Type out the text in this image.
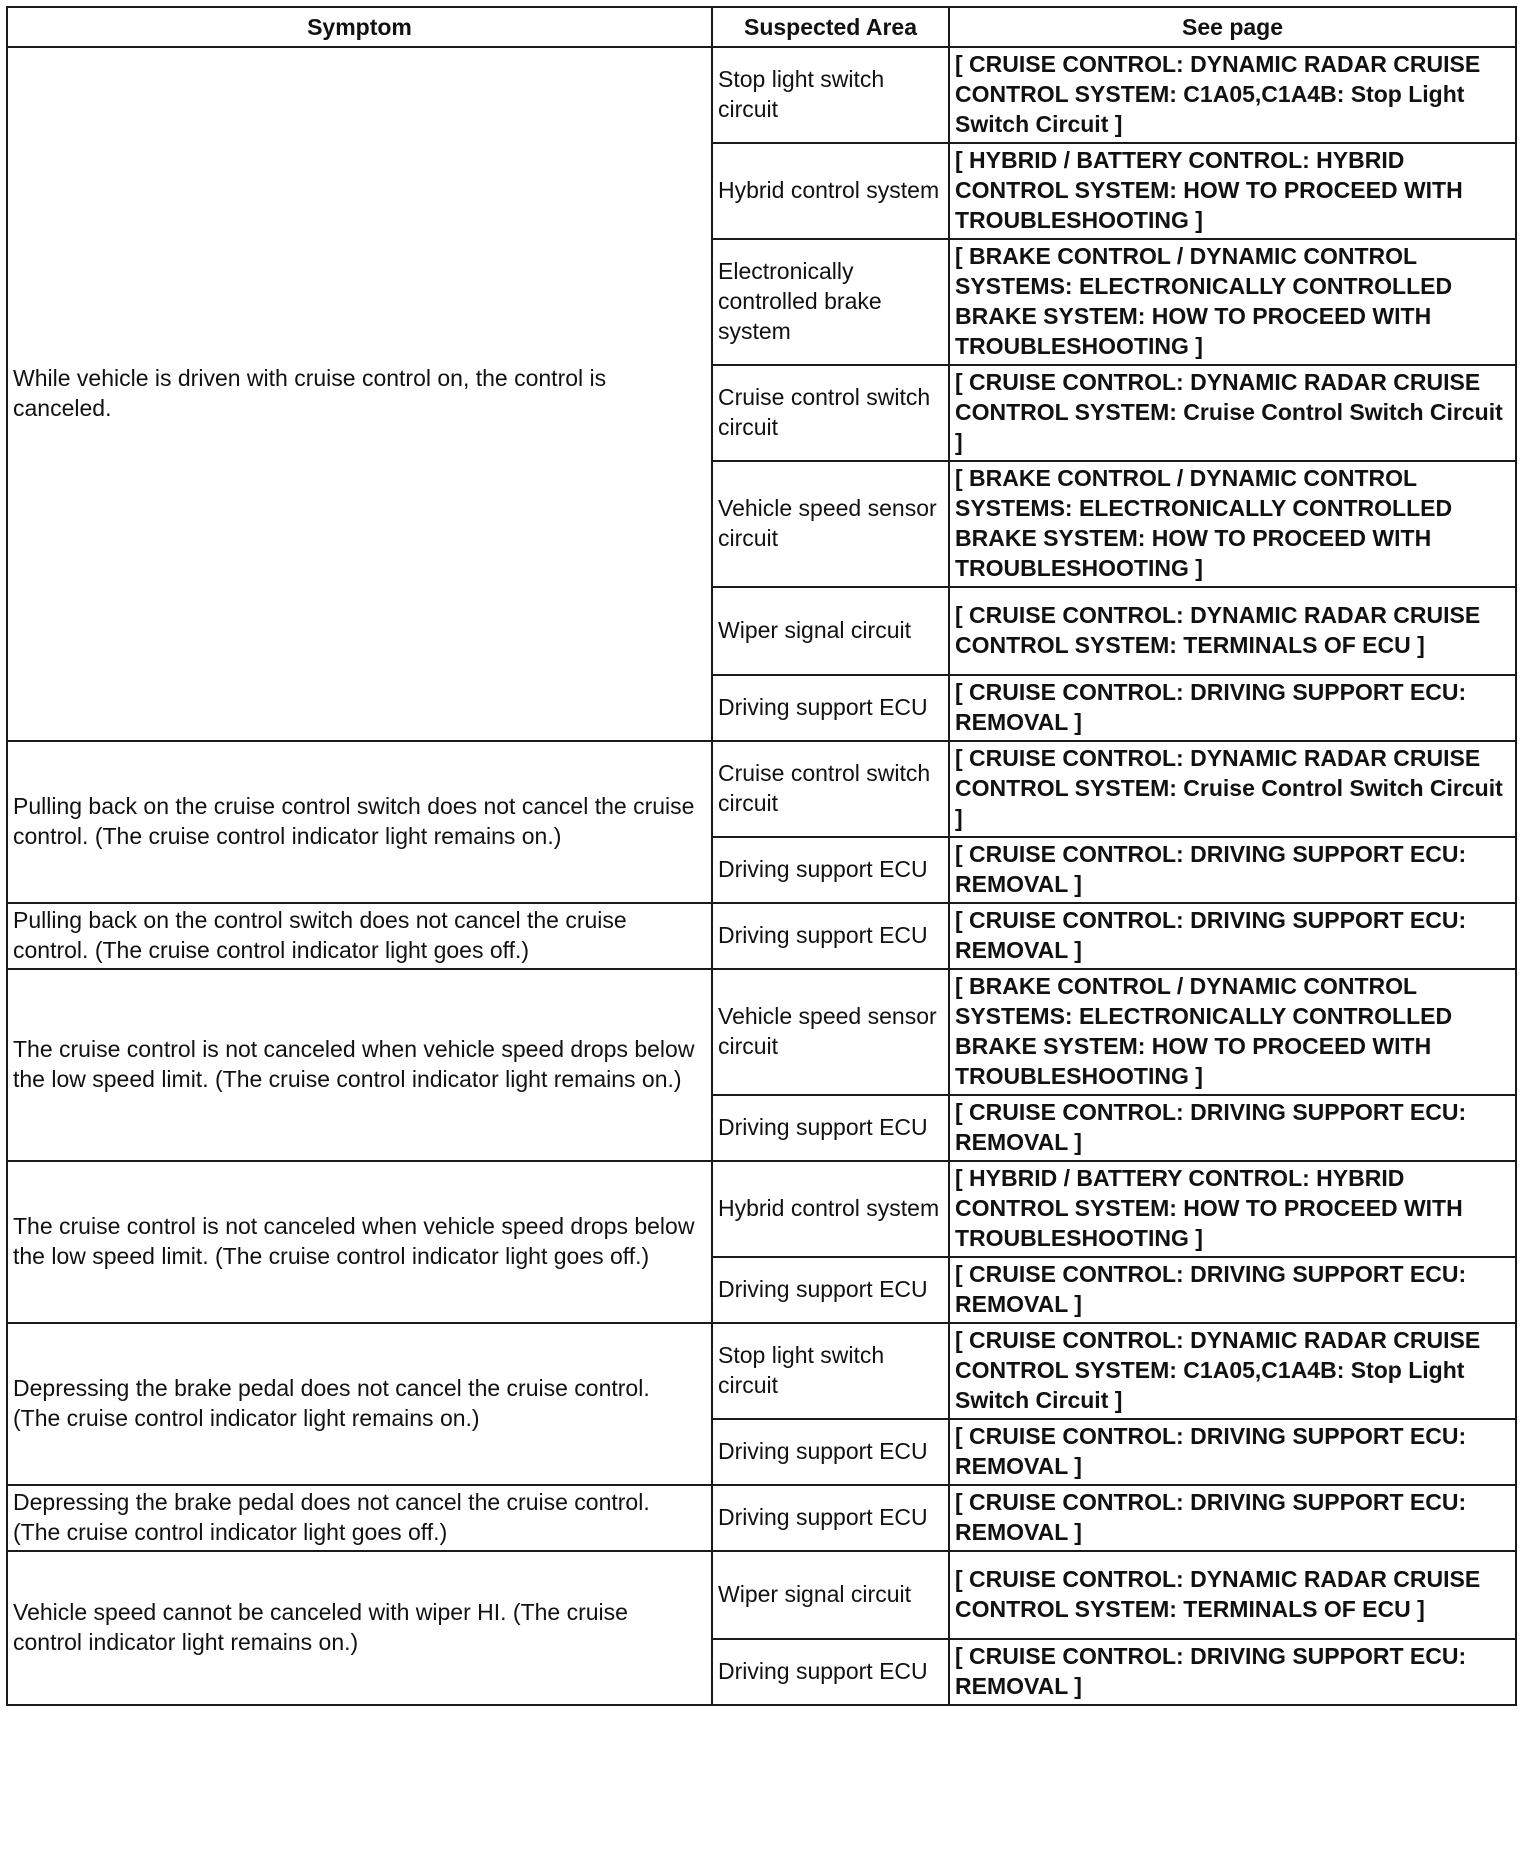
Symptom	Suspected Area	See page
While vehicle is driven with cruise control on, the control is canceled.	Stop light switch circuit	[ CRUISE CONTROL: DYNAMIC RADAR CRUISE CONTROL SYSTEM: C1A05,C1A4B: Stop Light Switch Circuit ]
	Hybrid control system	[ HYBRID / BATTERY CONTROL: HYBRID CONTROL SYSTEM: HOW TO PROCEED WITH TROUBLESHOOTING ]
	Electronically controlled brake system	[ BRAKE CONTROL / DYNAMIC CONTROL SYSTEMS: ELECTRONICALLY CONTROLLED BRAKE SYSTEM: HOW TO PROCEED WITH TROUBLESHOOTING ]
	Cruise control switch circuit	[ CRUISE CONTROL: DYNAMIC RADAR CRUISE CONTROL SYSTEM: Cruise Control Switch Circuit ]
	Vehicle speed sensor circuit	[ BRAKE CONTROL / DYNAMIC CONTROL SYSTEMS: ELECTRONICALLY CONTROLLED BRAKE SYSTEM: HOW TO PROCEED WITH TROUBLESHOOTING ]
	Wiper signal circuit	[ CRUISE CONTROL: DYNAMIC RADAR CRUISE CONTROL SYSTEM: TERMINALS OF ECU ]
	Driving support ECU	[ CRUISE CONTROL: DRIVING SUPPORT ECU: REMOVAL ]
Pulling back on the cruise control switch does not cancel the cruise control. (The cruise control indicator light remains on.)	Cruise control switch circuit	[ CRUISE CONTROL: DYNAMIC RADAR CRUISE CONTROL SYSTEM: Cruise Control Switch Circuit ]
	Driving support ECU	[ CRUISE CONTROL: DRIVING SUPPORT ECU: REMOVAL ]
Pulling back on the control switch does not cancel the cruise control. (The cruise control indicator light goes off.)	Driving support ECU	[ CRUISE CONTROL: DRIVING SUPPORT ECU: REMOVAL ]
The cruise control is not canceled when vehicle speed drops below the low speed limit. (The cruise control indicator light remains on.)	Vehicle speed sensor circuit	[ BRAKE CONTROL / DYNAMIC CONTROL SYSTEMS: ELECTRONICALLY CONTROLLED BRAKE SYSTEM: HOW TO PROCEED WITH TROUBLESHOOTING ]
	Driving support ECU	[ CRUISE CONTROL: DRIVING SUPPORT ECU: REMOVAL ]
The cruise control is not canceled when vehicle speed drops below the low speed limit. (The cruise control indicator light goes off.)	Hybrid control system	[ HYBRID / BATTERY CONTROL: HYBRID CONTROL SYSTEM: HOW TO PROCEED WITH TROUBLESHOOTING ]
	Driving support ECU	[ CRUISE CONTROL: DRIVING SUPPORT ECU: REMOVAL ]
Depressing the brake pedal does not cancel the cruise control. (The cruise control indicator light remains on.)	Stop light switch circuit	[ CRUISE CONTROL: DYNAMIC RADAR CRUISE CONTROL SYSTEM: C1A05,C1A4B: Stop Light Switch Circuit ]
	Driving support ECU	[ CRUISE CONTROL: DRIVING SUPPORT ECU: REMOVAL ]
Depressing the brake pedal does not cancel the cruise control. (The cruise control indicator light goes off.)	Driving support ECU	[ CRUISE CONTROL: DRIVING SUPPORT ECU: REMOVAL ]
Vehicle speed cannot be canceled with wiper HI. (The cruise control indicator light remains on.)	Wiper signal circuit	[ CRUISE CONTROL: DYNAMIC RADAR CRUISE CONTROL SYSTEM: TERMINALS OF ECU ]
	Driving support ECU	[ CRUISE CONTROL: DRIVING SUPPORT ECU: REMOVAL ]
